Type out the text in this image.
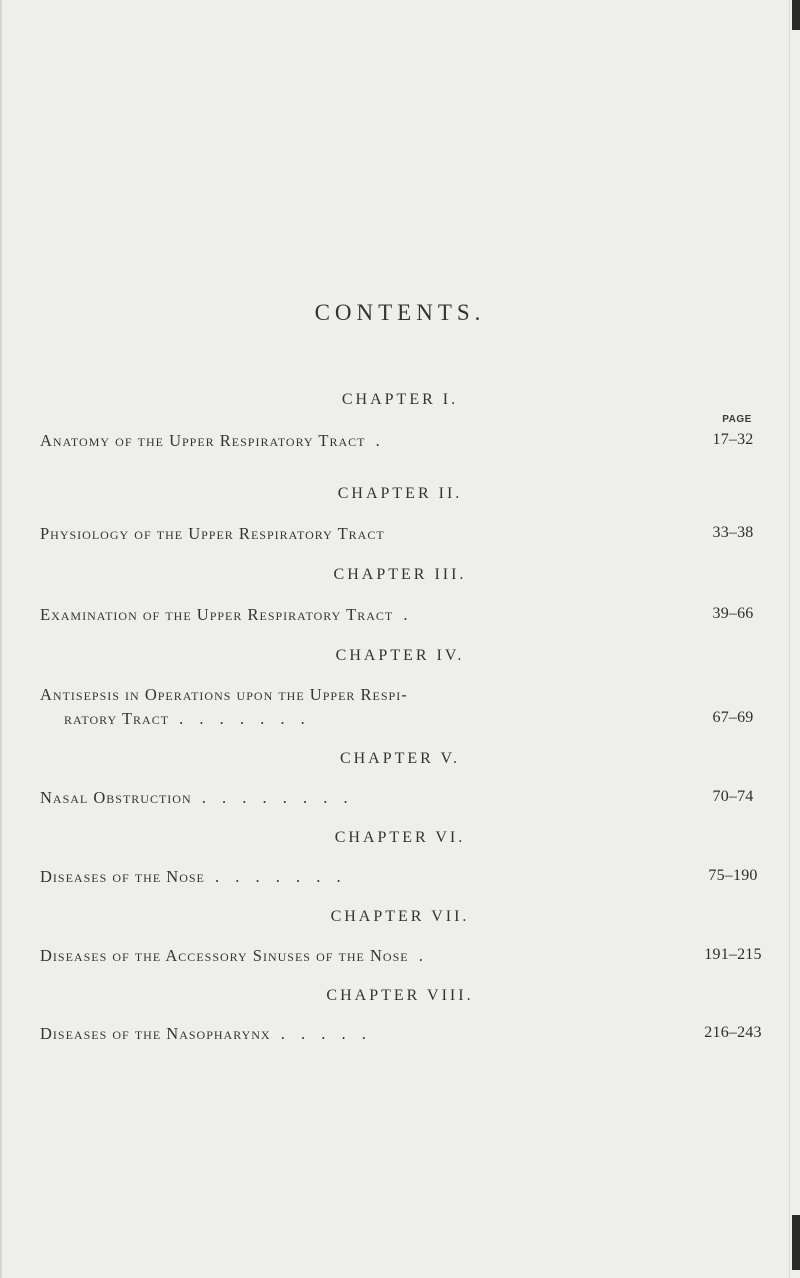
CONTENTS.
PAGE
CHAPTER I.
Anatomy of the Upper Respiratory Tract .	17–32
CHAPTER II.
Physiology of the Upper Respiratory Tract	33–38
CHAPTER III.
Examination of the Upper Respiratory Tract .	39–66
CHAPTER IV.
Antisepsis in Operations upon the Upper Respi-
ratory Tract . . . . . . .	67–69
CHAPTER V.
Nasal Obstruction . . . . . . . .	70–74
CHAPTER VI.
Diseases of the Nose . . . . . . .	75–190
CHAPTER VII.
Diseases of the Accessory Sinuses of the Nose .	191–215
CHAPTER VIII.
Diseases of the Nasopharynx . . . . .	216–243
